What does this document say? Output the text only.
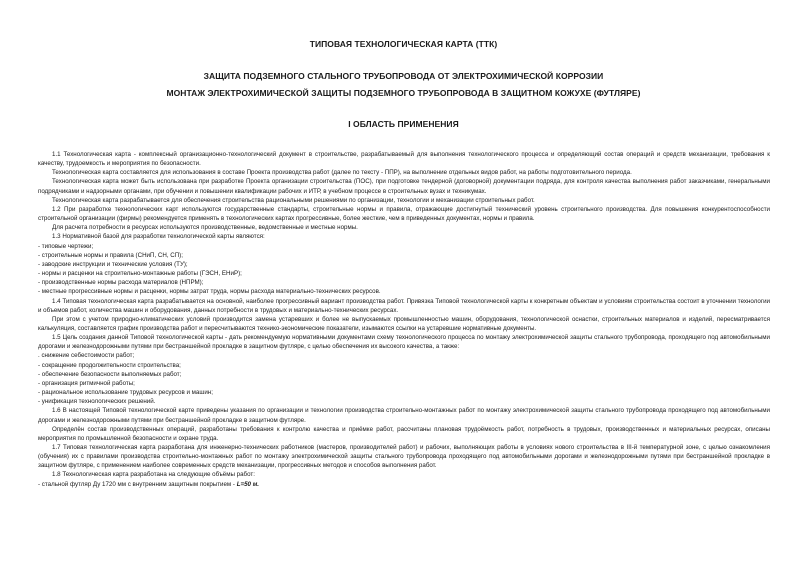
ТИПОВАЯ ТЕХНОЛОГИЧЕСКАЯ КАРТА (ТТК)
ЗАЩИТА ПОДЗЕМНОГО СТАЛЬНОГО ТРУБОПРОВОДА ОТ ЭЛЕКТРОХИМИЧЕСКОЙ КОРРОЗИИ
МОНТАЖ ЭЛЕКТРОХИМИЧЕСКОЙ ЗАЩИТЫ ПОДЗЕМНОГО ТРУБОПРОВОДА В ЗАЩИТНОМ КОЖУХЕ (ФУТЛЯРЕ)
I ОБЛАСТЬ ПРИМЕНЕНИЯ

1.1 Технологическая карта - комплексный организационно-технологический документ в строительстве, разрабатываемый для выполнения технологического процесса и определяющий состав операций и средств механизации, требования к качеству, трудоемкость и мероприятия по безопасности.

Технологическая карта составляется для использования в составе Проекта производства работ (далее по тексту - ППР), на выполнение отдельных видов работ, на работы подготовительного периода.

Технологическая карта может быть использована при разработке Проекта организации строительства (ПОС), при подготовке тендерной (договорной) документации подряда, для контроля качества выполнения работ заказчиками, генеральными подрядчиками и надзорными органами, при обучении и повышении квалификации рабочих и ИТР, в учебном процессе в строительных вузах и техникумах.

Технологическая карта разрабатывается для обеспечения строительства рациональными решениями по организации, технологии и механизации строительных работ.

1.2 При разработке технологических карт используются государственные стандарты, строительные нормы и правила, отражающие достигнутый технический уровень строительного производства. Для повышения конкурентоспособности строительной организации (фирмы) рекомендуется применять в технологических картах прогрессивные, более жесткие, чем в приведенных документах, нормы и правила.

Для расчета потребности в ресурсах используются производственные, ведомственные и местные нормы.

1.3 Нормативной базой для разработки технологической карты являются:

- типовые чертежи;

- строительные нормы и правила (СНиП, СН, СП);

- заводские инструкции и технические условия (ТУ);

- нормы и расценки на строительно-монтажные работы (ГЭСН, ЕНиР);

- производственные нормы расхода материалов (НПРМ);

- местные прогрессивные нормы и расценки, нормы затрат труда, нормы расхода материально-технических ресурсов.

1.4 Типовая технологическая карта разрабатывается на основной, наиболее прогрессивный вариант производства работ. Привязка Типовой технологической карты к конкретным объектам и условиям строительства состоит в уточнении технологии и объемов работ, количества машин и оборудования, данных потребности в трудовых и материально-технических ресурсах.

При этом с учетом природно-климатических условий производится замена устаревших и более не выпускаемых промышленностью машин, оборудования, технологической оснастки, строительных материалов и изделий, пересматривается калькуляция, составляется график производства работ и пересчитываются технико-экономические показатели, изымаются ссылки на устаревшие нормативные документы.

1.5 Цель создания данной Типовой технологической карты - дать рекомендуемую нормативными документами схему технологического процесса по монтажу электрохимической защиты стального трубопровода, проходящего под автомобильными дорогами и железнодорожными путями при бестраншейной прокладке в защитном футляре, с целью обеспечения их высокого качества, а также:

. снижение себестоимости работ;

- сокращение продолжительности строительства;

- обеспечение безопасности выполняемых работ;

- организация ритмичной работы;

- рациональное использование трудовых ресурсов и машин;

- унификация технологических решений.

1.6 В настоящей Типовой технологической карте приведены указания по организации и технологии производства строительно-монтажных работ по монтажу электрохимической защиты стального трубопровода проходящего под автомобильными дорогами и железнодорожными путями при бестраншейной прокладке в защитном футляре.

Определён состав производственных операций, разработаны требования к контролю качества и приёмке работ, рассчитаны плановая трудоёмкость работ, потребность в трудовых, производственных и материальных ресурсах, описаны мероприятия по промышленной безопасности и охране труда.

1.7 Типовая технологическая карта разработана для инженерно-технических работников (мастеров, производителей работ) и рабочих, выполняющих работы в условиях нового строительства в III-й температурной зоне, с целью ознакомления (обучения) их с правилами производства строительно-монтажных работ по монтажу электрохимической защиты стального трубопровода проходящего под автомобильными дорогами и железнодорожными путями при бестраншейной прокладке в защитном футляре, с применением наиболее современных средств механизации, прогрессивных методов и способов выполнения работ.

1.8 Технологическая карта разработана на следующие объёмы работ:

- стальной футляр Ду 1720 мм с внутренним защитным покрытием - L=50 м.
